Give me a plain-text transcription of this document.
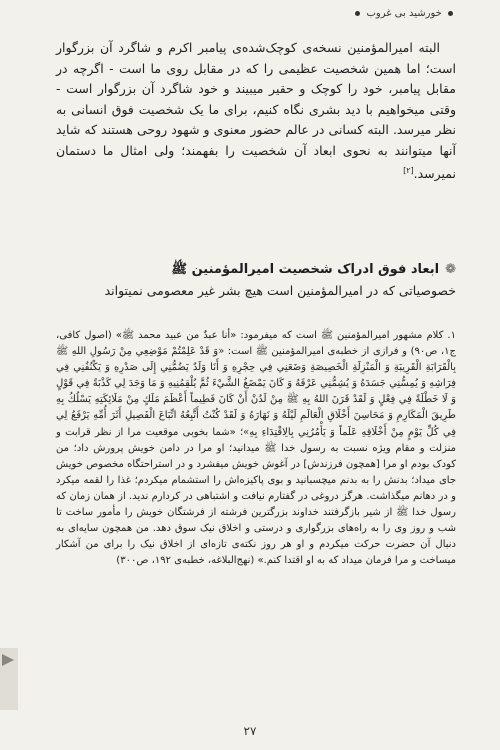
خورشید بی غروب

البته امیرالمؤمنین نسخه‌ی کوچک‌شده‌ی پیامبر اکرم و شاگرد آن بزرگوار است؛ اما همین شخصیت عظیمی را که در مقابل روی ما است - اگرچه در مقابل پیامبر، خود را کوچک و حقیر میبیند و خود شاگرد آن بزرگوار است - وقتی میخواهیم با دید بشری نگاه کنیم، برای ما یک شخصیت فوق انسانی به نظر میرسد. البته کسانی در عالم حضور معنوی و شهود روحی هستند که شاید آنها میتوانند به نحوی ابعاد آن شخصیت را بفهمند؛ ولی امثال ما دستمان نمیرسد.[۲]

❁ابعاد فوق ادراک شخصیت امیرالمؤمنین ﷺ
خصوصیاتی که در امیرالمؤمنین است هیچ بشر غیر معصومی نمیتواند
۱. کلام مشهور امیرالمؤمنین ﷺ است که میفرمود: «أنا عبدٌ من عبید محمد ﷺ» (اصول کافی، ج۱، ص۹۰) و فرازی از خطبه‌ی امیرالمؤمنین ﷺ است: «وَ قَدْ عَلِمْتُمْ مَوْضِعِي مِنْ رَسُولِ اللهِ ﷺ بِالْقَرَابَةِ الْقَرِيبَةِ وَ الْمَنْزِلَةِ الْخَصِيصَةِ وَضَعَنِي فِي حِجْرِهِ وَ أَنَا وَلَدٌ يَضُمُّنِي إِلَى صَدْرِهِ وَ يَكْنُفُنِي فِي فِرَاشِهِ وَ يُمِسُّنِي جَسَدَهُ وَ يُشِمُّنِي عَرْفَهُ وَ كَانَ يَمْضَغُ الشَّيْءَ ثُمَّ يُلْقِمُنِيهِ وَ مَا وَجَدَ لِي كَذْبَةً فِي قَوْلٍ وَ لَا خَطْلَةً فِي فِعْلٍ وَ لَقَدْ قَرَنَ اللهُ بِهِ ﷺ مِنْ لَدُنْ أَنْ كَانَ فَطِيماً أَعْظَمَ مَلَكٍ مِنْ مَلَائِكَتِهِ يَسْلُكُ بِهِ طَرِيقَ الْمَكَارِمِ وَ مَحَاسِنَ أَخْلَاقِ الْعَالَمِ لَيْلَهُ وَ نَهَارَهُ وَ لَقَدْ كُنْتُ أَتَّبِعُهُ اتِّبَاعَ الْفَصِيلِ أَثَرَ أُمِّهِ يَرْفَعُ لِي فِي كُلِّ يَوْمٍ مِنْ أَخْلَاقِهِ عَلَماً وَ يَأْمُرُنِي بِالِاقْتِدَاءِ بِهِ»؛ «شما بخوبی موقعیت مرا از نظر قرابت و منزلت و مقام ویژه نسبت به رسول خدا ﷺ میدانید؛ او مرا در دامن خویش پرورش داد؛ من کودک بودم او مرا [همچون فرزندش] در آغوش خویش میفشرد و در استراحتگاه مخصوص خویش جای میداد؛ بدنش را به بدنم میچسبانید و بوی پاکیزه‌اش را استشمام میکردم؛ غذا را لقمه میکرد و در دهانم میگذاشت. هرگز دروغی در گفتارم نیافت و اشتباهی در کردارم ندید. از همان زمان که رسول خدا ﷺ از شیر بازگرفتند خداوند بزرگترین فرشته از فرشتگان خویش را مأمور ساخت تا شب و روز وی را به راه‌های بزرگواری و درستی و اخلاق نیک سوق دهد. من همچون سایه‌ای به دنبال آن حضرت حرکت میکردم و او هر روز نکته‌ی تازه‌ای از اخلاق نیک را برای من آشکار میساخت و مرا فرمان میداد که به او اقتدا کنم.» (نهج‌البلاغه، خطبه‌ی ۱۹۲، ص۳۰۰)
۲۷
